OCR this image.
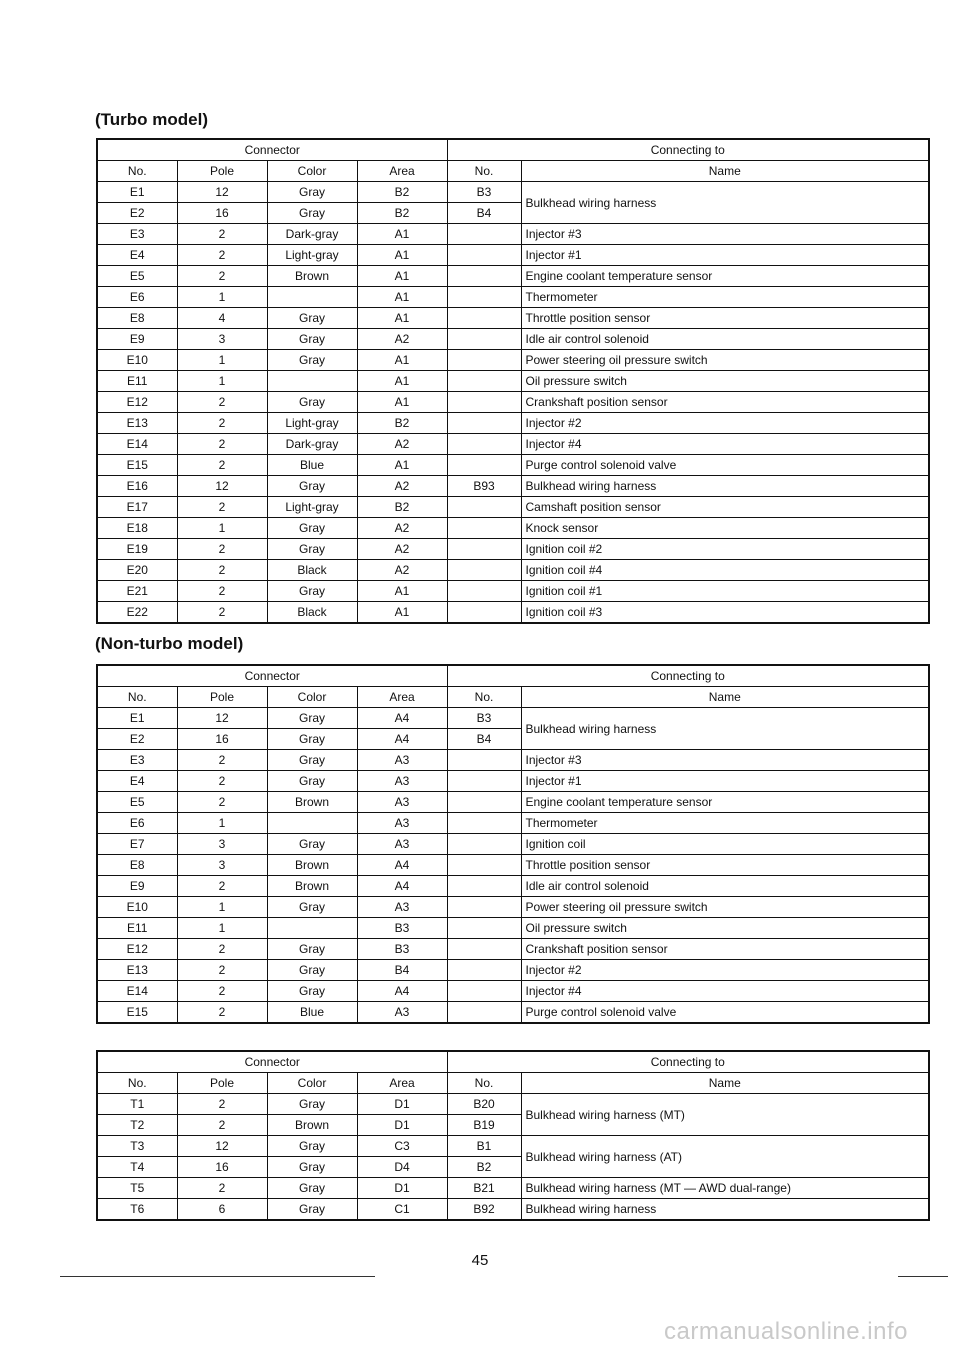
(Turbo model)
Connector				Connecting to	
No.	Pole	Color	Area	No.	Name
E1	12	Gray	B2	B3	Bulkhead wiring harness
E2	16	Gray	B2	B4	
E3	2	Dark-gray	A1		Injector #3
E4	2	Light-gray	A1		Injector #1
E5	2	Brown	A1		Engine coolant temperature sensor
E6	1		A1		Thermometer
E8	4	Gray	A1		Throttle position sensor
E9	3	Gray	A2		Idle air control solenoid
E10	1	Gray	A1		Power steering oil pressure switch
E11	1		A1		Oil pressure switch
E12	2	Gray	A1		Crankshaft position sensor
E13	2	Light-gray	B2		Injector #2
E14	2	Dark-gray	A2		Injector #4
E15	2	Blue	A1		Purge control solenoid valve
E16	12	Gray	A2	B93	Bulkhead wiring harness
E17	2	Light-gray	B2		Camshaft position sensor
E18	1	Gray	A2		Knock sensor
E19	2	Gray	A2		Ignition coil #2
E20	2	Black	A2		Ignition coil #4
E21	2	Gray	A1		Ignition coil #1
E22	2	Black	A1		Ignition coil #3
(Non-turbo model)
Connector				Connecting to	
No.	Pole	Color	Area	No.	Name
E1	12	Gray	A4	B3	Bulkhead wiring harness
E2	16	Gray	A4	B4	
E3	2	Gray	A3		Injector #3
E4	2	Gray	A3		Injector #1
E5	2	Brown	A3		Engine coolant temperature sensor
E6	1		A3		Thermometer
E7	3	Gray	A3		Ignition coil
E8	3	Brown	A4		Throttle position sensor
E9	2	Brown	A4		Idle air control solenoid
E10	1	Gray	A3		Power steering oil pressure switch
E11	1		B3		Oil pressure switch
E12	2	Gray	B3		Crankshaft position sensor
E13	2	Gray	B4		Injector #2
E14	2	Gray	A4		Injector #4
E15	2	Blue	A3		Purge control solenoid valve
Connector				Connecting to	
No.	Pole	Color	Area	No.	Name
T1	2	Gray	D1	B20	Bulkhead wiring harness (MT)
T2	2	Brown	D1	B19	
T3	12	Gray	C3	B1	Bulkhead wiring harness (AT)
T4	16	Gray	D4	B2	
T5	2	Gray	D1	B21	Bulkhead wiring harness (MT — AWD dual-range)
T6	6	Gray	C1	B92	Bulkhead wiring harness
45
carmanualsonline.info
